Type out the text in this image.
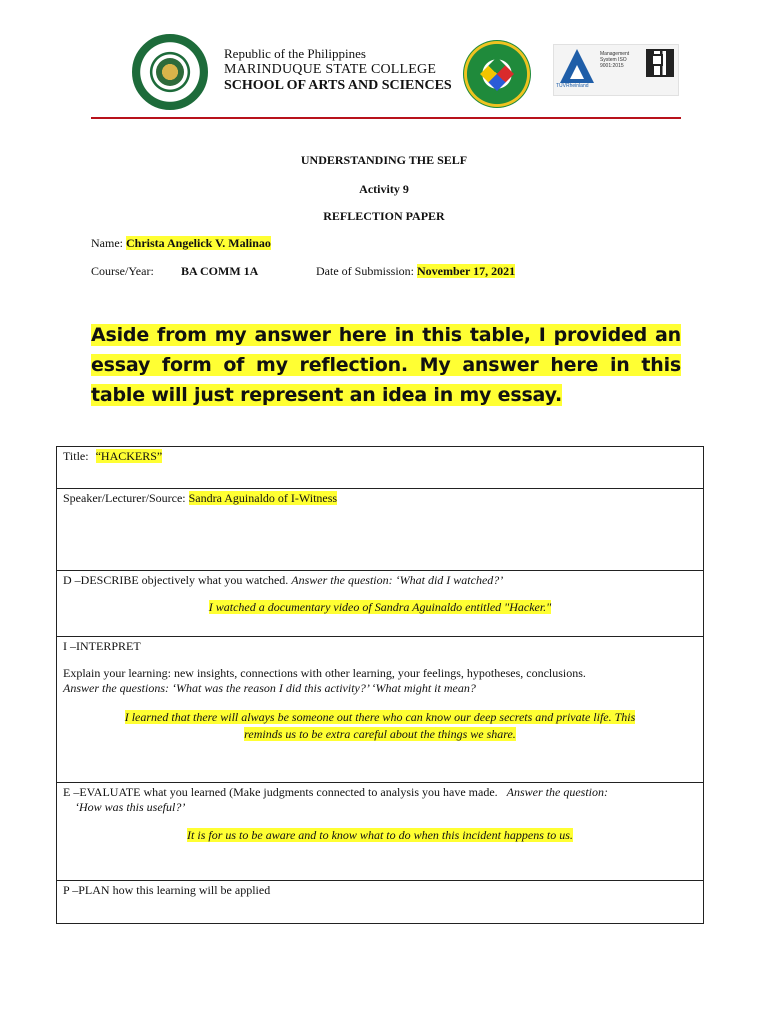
Republic of the Philippines
MARINDUQUE STATE COLLEGE
SCHOOL OF ARTS AND SCIENCES	TÜVRheinland
Management System ISO 9001:2015
UNDERSTANDING THE SELF
Activity 9
REFLECTION PAPER
Name: Christa Angelick V. Malinao
Course/Year: BA COMM 1A	Date of Submission: November 17, 2021
Aside from my answer here in this table, I provided an essay form of my reflection. My answer here in this table will just represent an idea in my essay.
Title: “HACKERS”
Speaker/Lecturer/Source: Sandra Aguinaldo of I-Witness
D –DESCRIBE objectively what you watched. Answer the question: ‘What did I watched?’
I watched a documentary video of Sandra Aguinaldo entitled "Hacker."
I –INTERPRET
Explain your learning: new insights, connections with other learning, your feelings, hypotheses, conclusions.
Answer the questions: ‘What was the reason I did this activity?’ ‘What might it mean?
I learned that there will always be someone out there who can know our deep secrets and private life. This
reminds us to be extra careful about the things we share.
E –EVALUATE what you learned (Make judgments connected to analysis you have made. Answer the question:
‘How was this useful?’
It is for us to be aware and to know what to do when this incident happens to us.
P –PLAN how this learning will be applied
